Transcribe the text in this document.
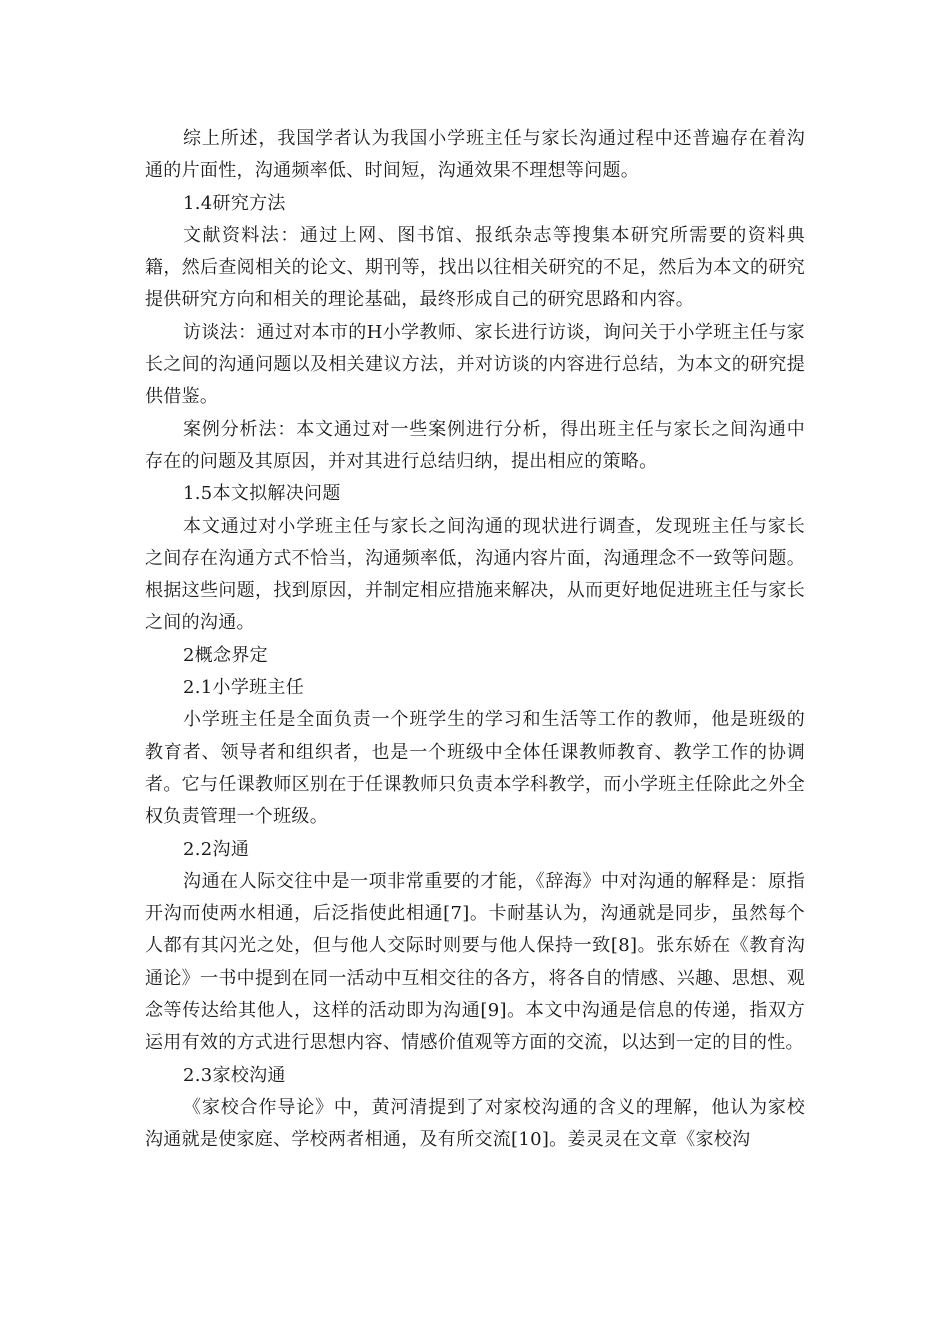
综上所述，我国学者认为我国小学班主任与家长沟通过程中还普遍存在着沟通的片面性，沟通频率低、时间短，沟通效果不理想等问题。

1.4研究方法

文献资料法：通过上网、图书馆、报纸杂志等搜集本研究所需要的资料典籍，然后查阅相关的论文、期刊等，找出以往相关研究的不足，然后为本文的研究提供研究方向和相关的理论基础，最终形成自己的研究思路和内容。

访谈法：通过对本市的H小学教师、家长进行访谈，询问关于小学班主任与家长之间的沟通问题以及相关建议方法，并对访谈的内容进行总结，为本文的研究提供借鉴。

案例分析法：本文通过对一些案例进行分析，得出班主任与家长之间沟通中存在的问题及其原因，并对其进行总结归纳，提出相应的策略。

1.5本文拟解决问题

本文通过对小学班主任与家长之间沟通的现状进行调查，发现班主任与家长之间存在沟通方式不恰当，沟通频率低，沟通内容片面，沟通理念不一致等问题。根据这些问题，找到原因，并制定相应措施来解决，从而更好地促进班主任与家长之间的沟通。

2概念界定

2.1小学班主任

小学班主任是全面负责一个班学生的学习和生活等工作的教师，他是班级的教育者、领导者和组织者，也是一个班级中全体任课教师教育、教学工作的协调者。它与任课教师区别在于任课教师只负责本学科教学，而小学班主任除此之外全权负责管理一个班级。

2.2沟通

沟通在人际交往中是一项非常重要的才能，《辞海》中对沟通的解释是：原指开沟而使两水相通，后泛指使此相通[7]。卡耐基认为，沟通就是同步，虽然每个人都有其闪光之处，但与他人交际时则要与他人保持一致[8]。张东娇在《教育沟通论》一书中提到在同一活动中互相交往的各方，将各自的情感、兴趣、思想、观念等传达给其他人，这样的活动即为沟通[9]。本文中沟通是信息的传递，指双方运用有效的方式进行思想内容、情感价值观等方面的交流，以达到一定的目的性。

2.3家校沟通

《家校合作导论》中，黄河清提到了对家校沟通的含义的理解，他认为家校沟通就是使家庭、学校两者相通，及有所交流[10]。姜灵灵在文章《家校沟
